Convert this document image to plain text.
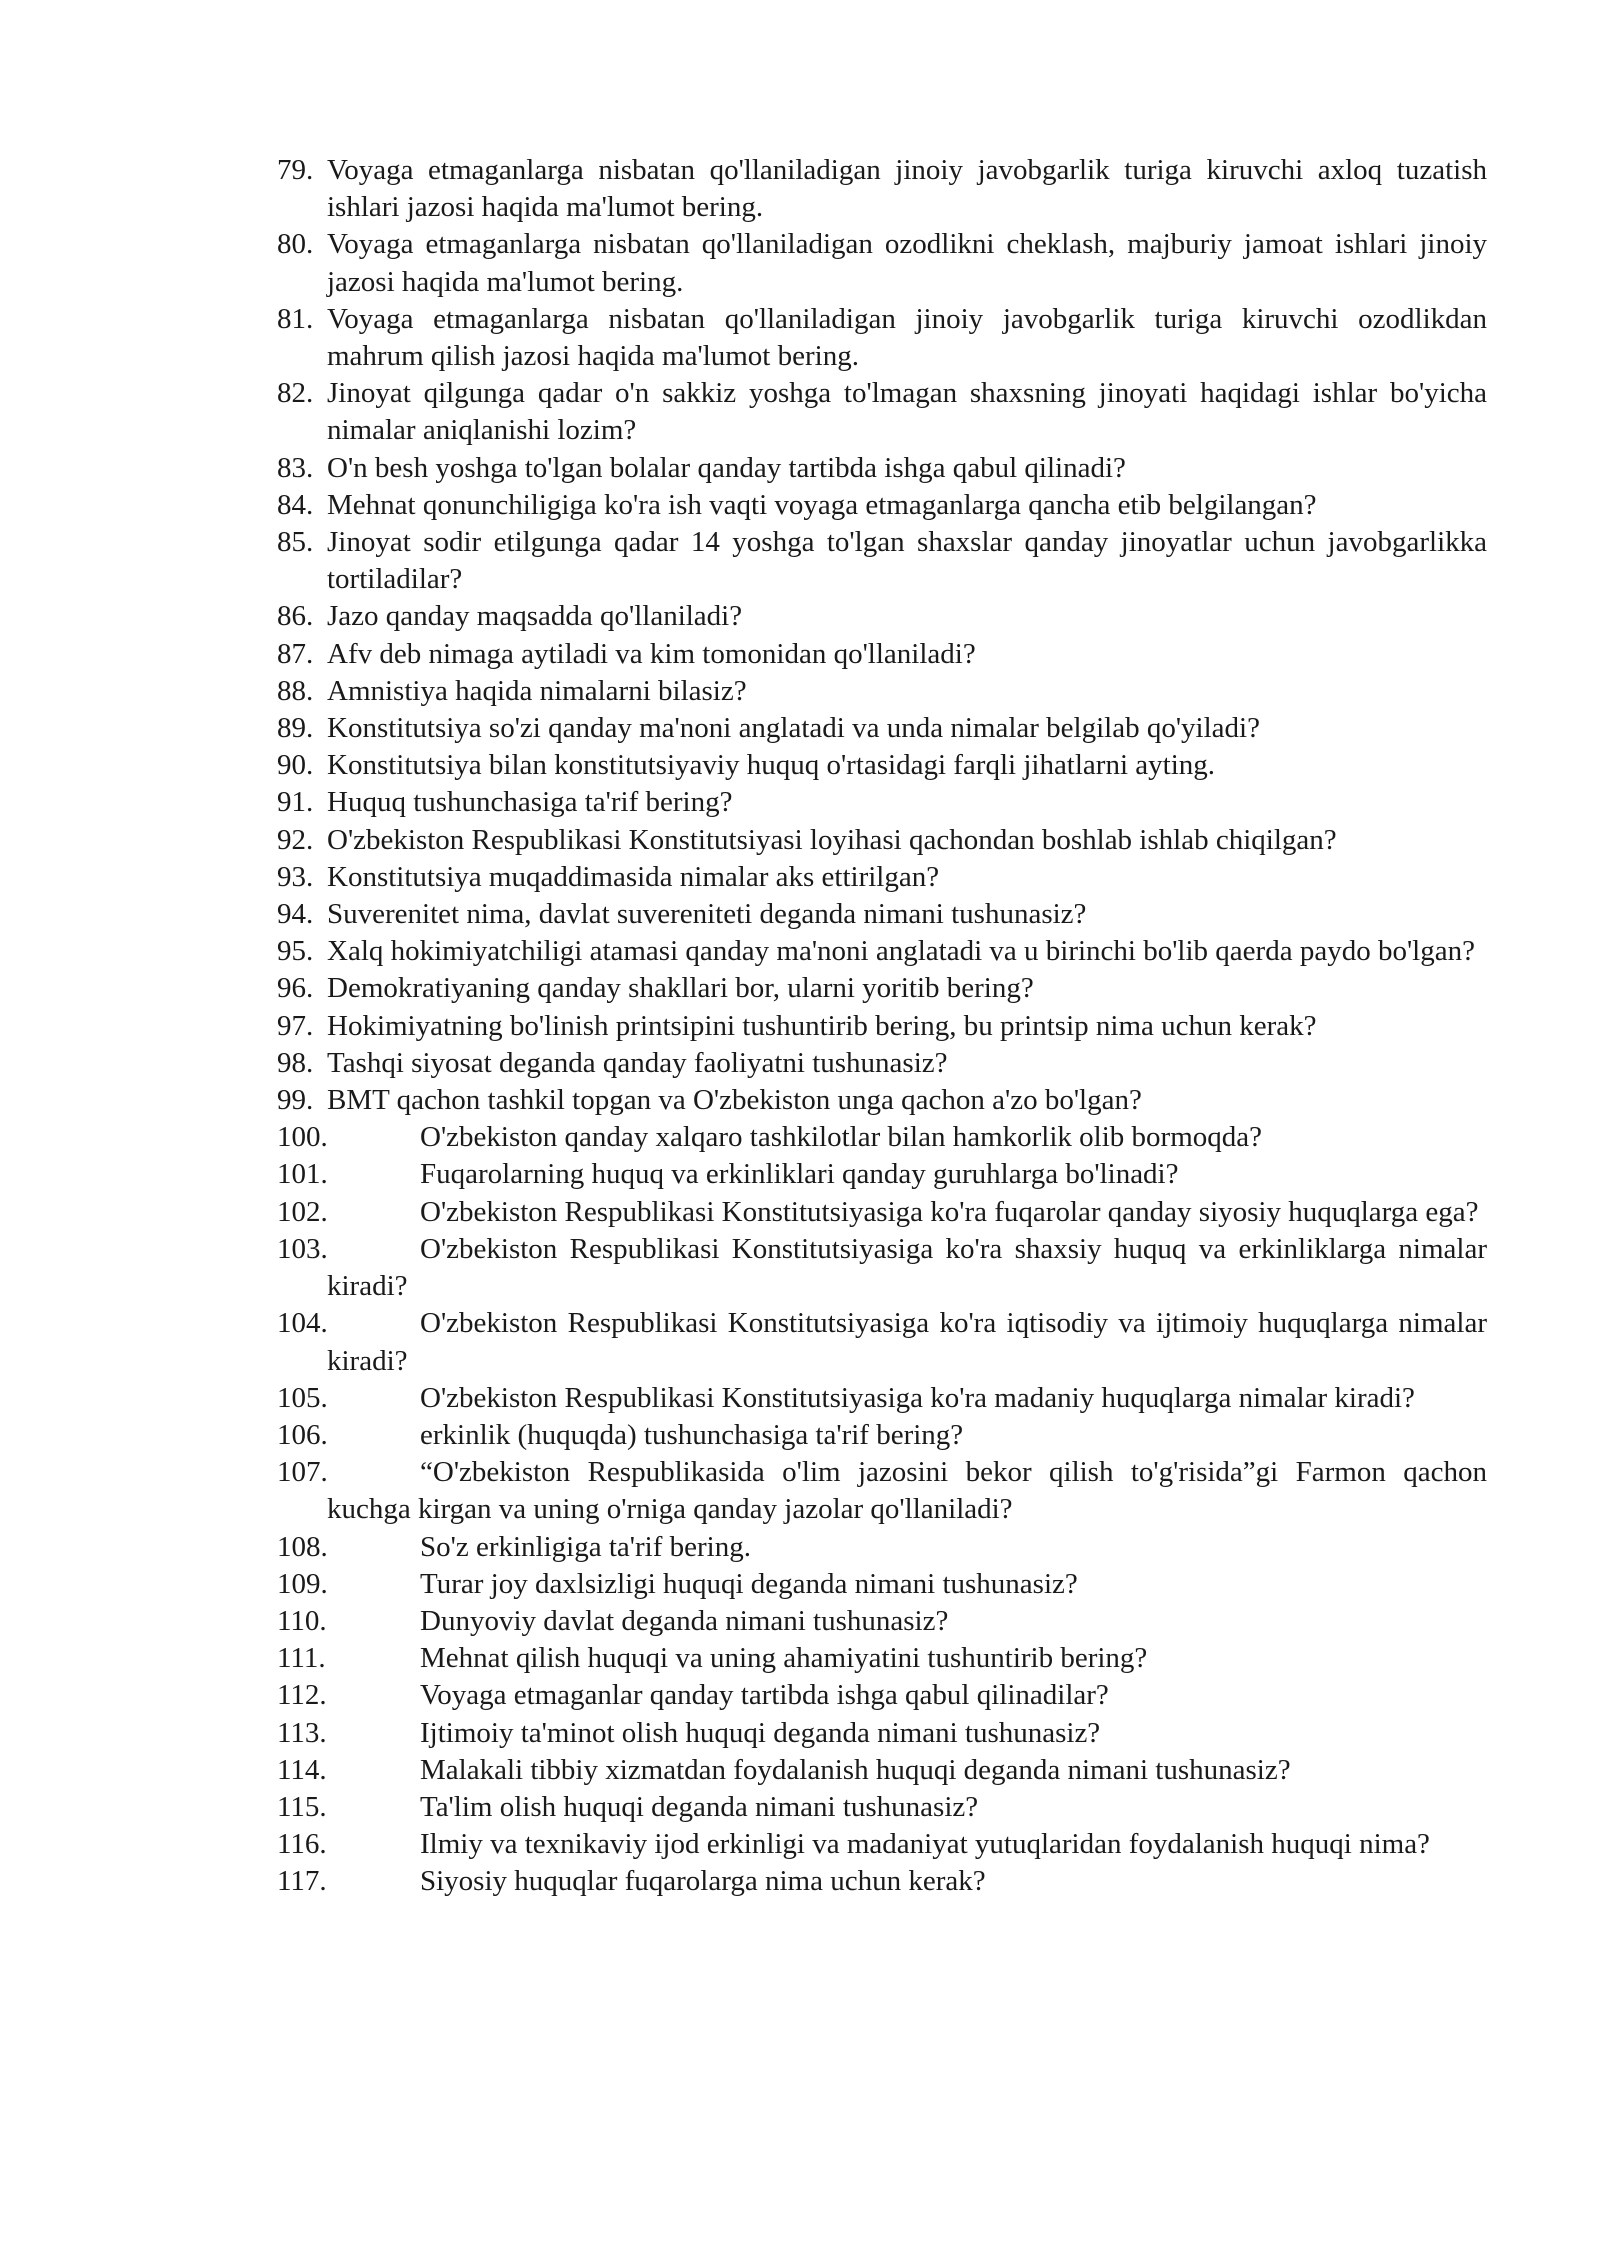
79. Voyaga etmaganlarga nisbatan qo'llaniladigan jinoiy javobgarlik turiga kiruvchi axloq tuzatish ishlari jazosi haqida ma'lumot bering.
80. Voyaga etmaganlarga nisbatan qo'llaniladigan ozodlikni cheklash, majburiy jamoat ishlari jinoiy jazosi haqida ma'lumot bering.
81. Voyaga etmaganlarga nisbatan qo'llaniladigan jinoiy javobgarlik turiga kiruvchi ozodlikdan mahrum qilish jazosi haqida ma'lumot bering.
82. Jinoyat qilgunga qadar o'n sakkiz yoshga to'lmagan shaxsning jinoyati haqidagi ishlar bo'yicha nimalar aniqlanishi lozim?
83. O'n besh yoshga to'lgan bolalar qanday tartibda ishga qabul qilinadi?
84. Mehnat qonunchiligiga ko'ra ish vaqti voyaga etmaganlarga qancha etib belgilangan?
85. Jinoyat sodir etilgunga qadar 14 yoshga to'lgan shaxslar qanday jinoyatlar uchun javobgarlikka tortiladilar?
86. Jazo qanday maqsadda qo'llaniladi?
87. Afv deb nimaga aytiladi va kim tomonidan qo'llaniladi?
88. Amnistiya haqida nimalarni bilasiz?
89. Konstitutsiya so'zi qanday ma'noni anglatadi va unda nimalar belgilab qo'yiladi?
90. Konstitutsiya bilan konstitutsiyaviy huquq o'rtasidagi farqli jihatlarni ayting.
91. Huquq tushunchasiga ta'rif bering?
92. O'zbekiston Respublikasi Konstitutsiyasi loyihasi qachondan boshlab ishlab chiqilgan?
93. Konstitutsiya muqaddimasida nimalar aks ettirilgan?
94. Suverenitet nima, davlat suvereniteti deganda nimani tushunasiz?
95. Xalq hokimiyatchiligi atamasi qanday ma'noni anglatadi va u birinchi bo'lib qaerda paydo bo'lgan?
96. Demokratiyaning qanday shakllari bor, ularni yoritib bering?
97. Hokimiyatning bo'linish printsipini tushuntirib bering, bu printsip nima uchun kerak?
98. Tashqi siyosat deganda qanday faoliyatni tushunasiz?
99. BMT qachon tashkil topgan va O'zbekiston unga qachon a'zo bo'lgan?
100.	O'zbekiston qanday xalqaro tashkilotlar bilan hamkorlik olib bormoqda?
101.	Fuqarolarning huquq va erkinliklari qanday guruhlarga bo'linadi?
102.	O'zbekiston Respublikasi Konstitutsiyasiga ko'ra fuqarolar qanday siyosiy huquqlarga ega?
103.	O'zbekiston Respublikasi Konstitutsiyasiga ko'ra shaxsiy huquq va erkinliklarga nimalar kiradi?
104.	O'zbekiston Respublikasi Konstitutsiyasiga ko'ra iqtisodiy va ijtimoiy huquqlarga nimalar kiradi?
105.	O'zbekiston Respublikasi Konstitutsiyasiga ko'ra madaniy huquqlarga nimalar kiradi?
106.	erkinlik (huquqda) tushunchasiga ta'rif bering?
107.	“O'zbekiston Respublikasida o'lim jazosini bekor qilish to'g'risida”gi Farmon qachon kuchga kirgan va uning o'rniga qanday jazolar qo'llaniladi?
108.	So'z erkinligiga ta'rif bering.
109.	Turar joy daxlsizligi huquqi deganda nimani tushunasiz?
110.	Dunyoviy davlat deganda nimani tushunasiz?
111.	Mehnat qilish huquqi va uning ahamiyatini tushuntirib bering?
112.	Voyaga etmaganlar qanday tartibda ishga qabul qilinadilar?
113.	Ijtimoiy ta'minot olish huquqi deganda nimani tushunasiz?
114.	Malakali tibbiy xizmatdan foydalanish huquqi deganda nimani tushunasiz?
115.	Ta'lim olish huquqi deganda nimani tushunasiz?
116.	Ilmiy va texnikaviy ijod erkinligi va madaniyat yutuqlaridan foydalanish huquqi nima?
117.	Siyosiy huquqlar fuqarolarga nima uchun kerak?
